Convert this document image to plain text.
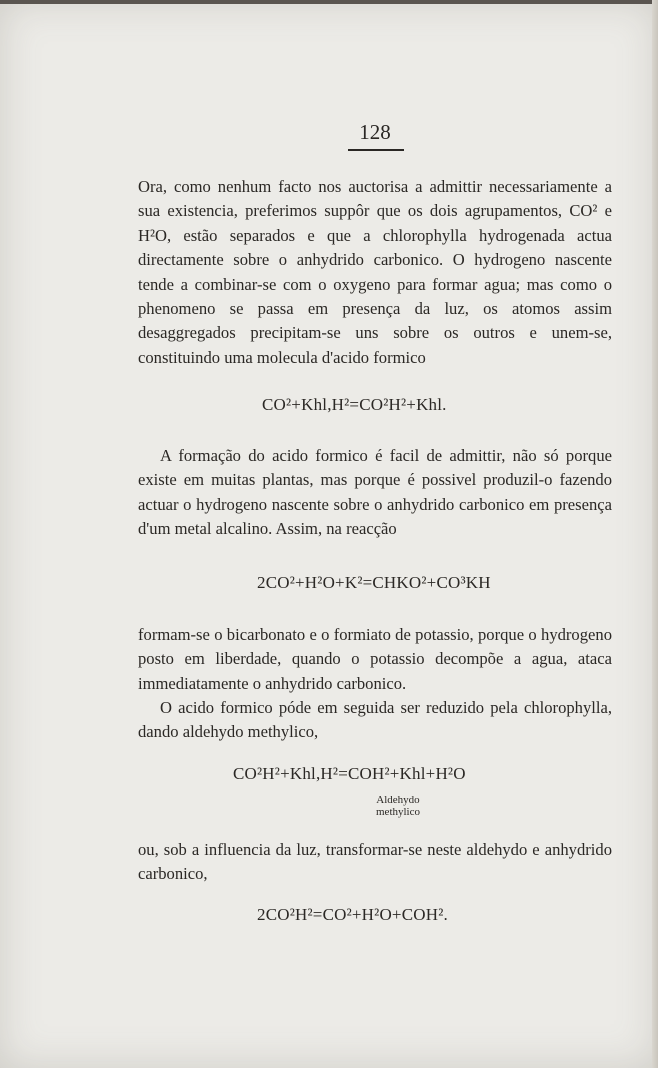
128
Ora, como nenhum facto nos auctorisa a admittir necessariamente a sua existencia, preferimos suppôr que os dois agrupamentos, CO² e H²O, estão separados e que a chlorophylla hydrogenada actua directamente sobre o anhydrido carbonico. O hydrogeno nascente tende a combinar-se com o oxygeno para formar agua; mas como o phenomeno se passa em presença da luz, os atomos assim desaggregados precipitam-se uns sobre os outros e unem-se, constituindo uma molecula d'acido formico
CO²+Khl,H²=CO²H²+Khl.
A formação do acido formico é facil de admittir, não só porque existe em muitas plantas, mas porque é possivel produzil-o fazendo actuar o hydrogeno nascente sobre o anhydrido carbonico em presença d'um metal alcalino. Assim, na reacção
2CO²+H²O+K²=CHKO²+CO³KH
formam-se o bicarbonato e o formiato de potassio, porque o hydrogeno posto em liberdade, quando o potassio decompõe a agua, ataca immediatamente o anhydrido carbonico.
O acido formico póde em seguida ser reduzido pela chlorophylla, dando aldehydo methylico,
CO²H²+Khl,H²=COH²+Khl+H²O
Aldehydo
methylico
ou, sob a influencia da luz, transformar-se neste aldehydo e anhydrido carbonico,
2CO²H²=CO²+H²O+COH².
